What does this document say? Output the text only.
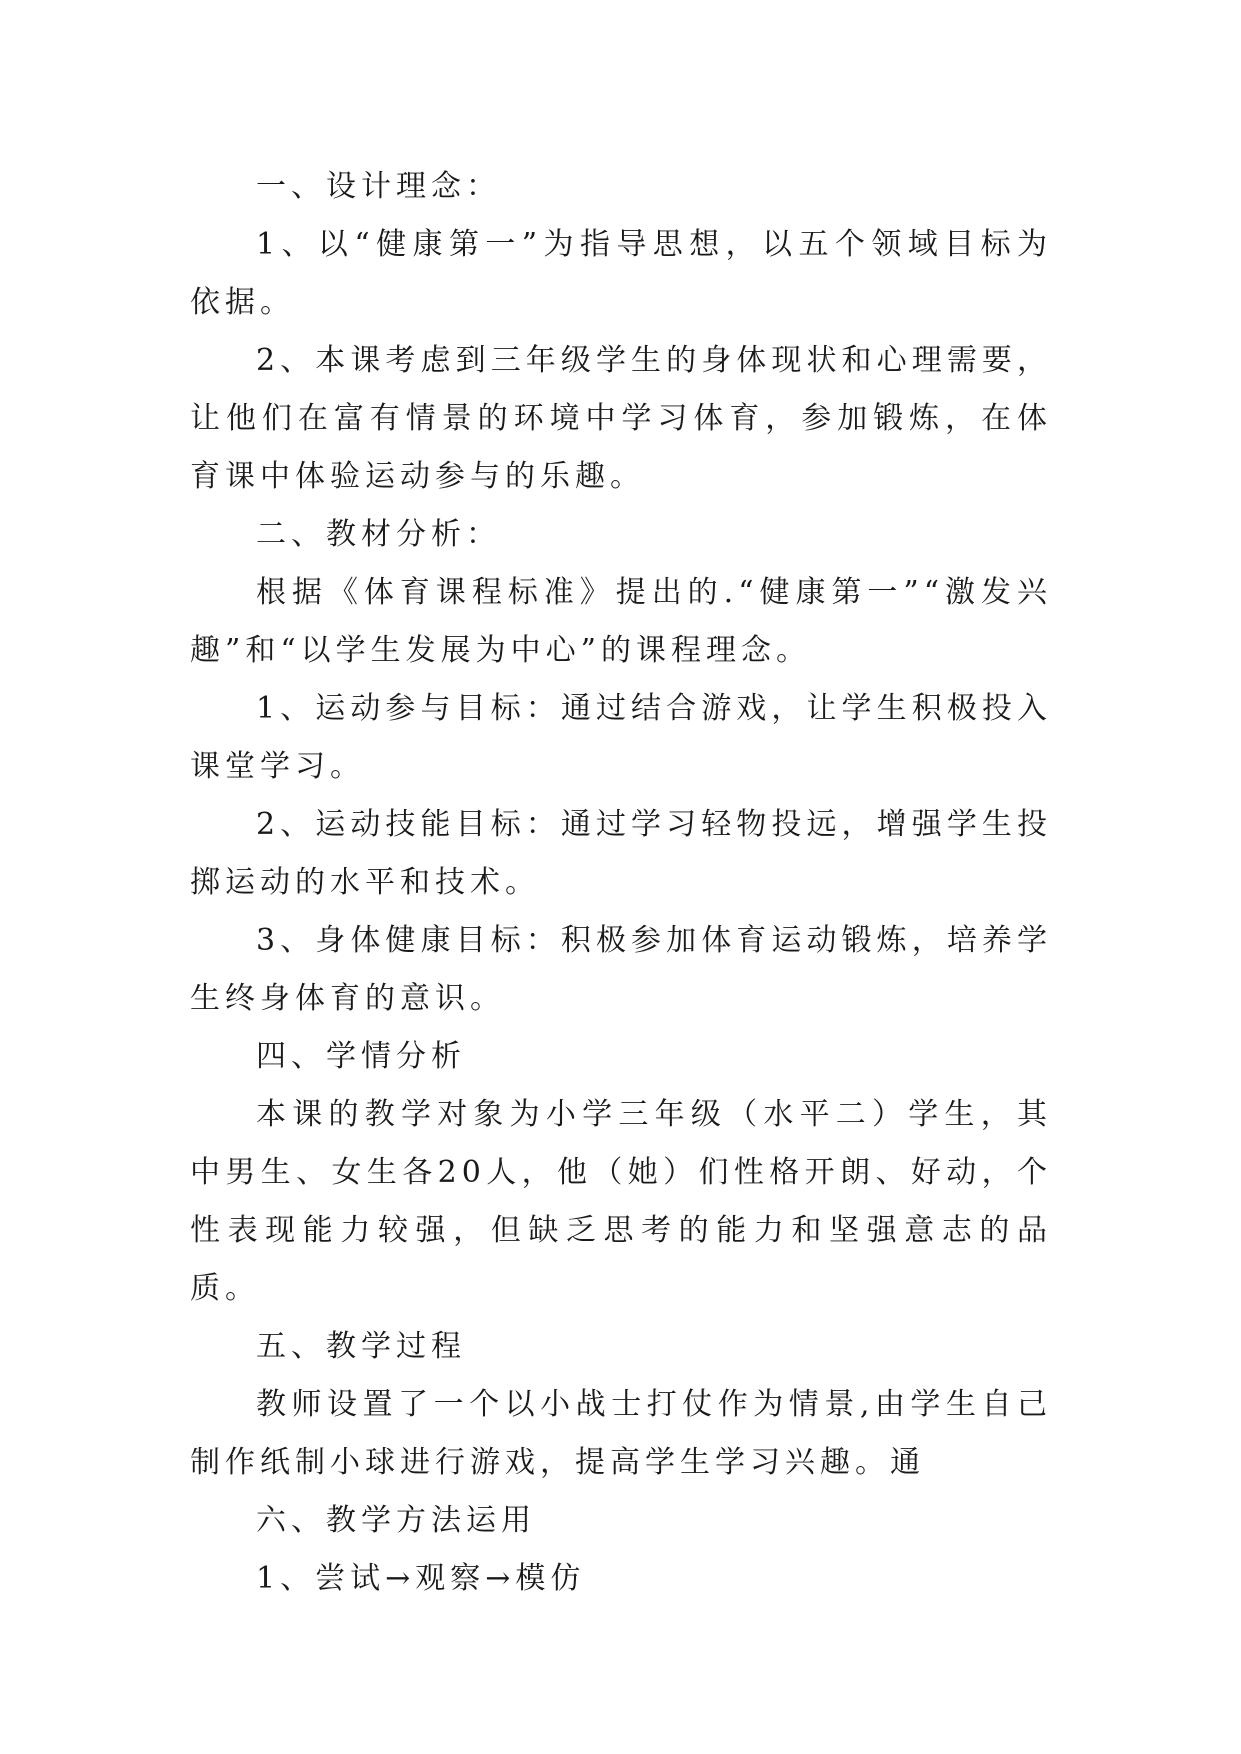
一、设计理念：

1、以“健康第一”为指导思想，以五个领域目标为依据。

2、本课考虑到三年级学生的身体现状和心理需要，让他们在富有情景的环境中学习体育，参加锻炼，在体育课中体验运动参与的乐趣。

二、教材分析：

根据《体育课程标准》提出的.“健康第一”“激发兴趣”和“以学生发展为中心”的课程理念。

1、运动参与目标：通过结合游戏，让学生积极投入课堂学习。

2、运动技能目标：通过学习轻物投远，增强学生投掷运动的水平和技术。

3、身体健康目标：积极参加体育运动锻炼，培养学生终身体育的意识。

四、学情分析

本课的教学对象为小学三年级（水平二）学生，其中男生、女生各20人，他（她）们性格开朗、好动，个性表现能力较强，但缺乏思考的能力和坚强意志的品质。

五、教学过程

教师设置了一个以小战士打仗作为情景,由学生自己制作纸制小球进行游戏，提高学生学习兴趣。通

六、教学方法运用

1、尝试→观察→模仿
